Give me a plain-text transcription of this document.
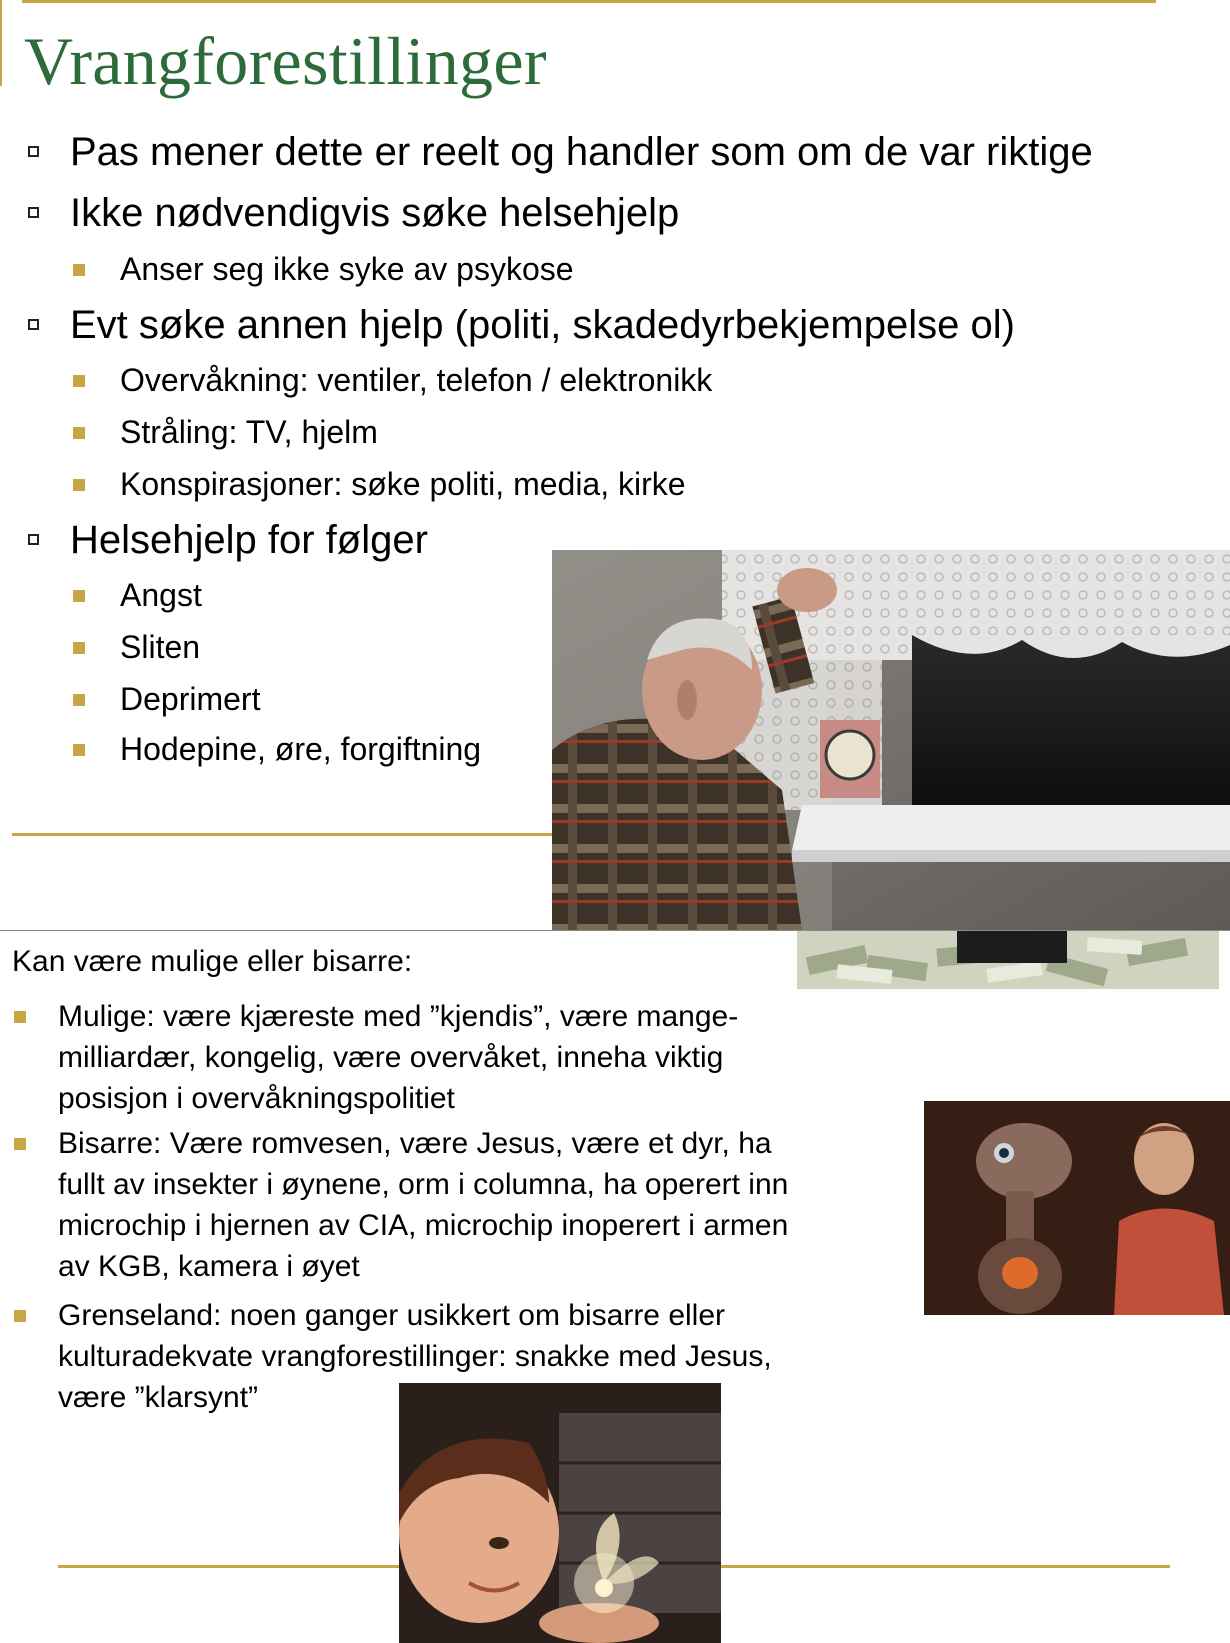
Vrangforestillinger
Pas mener dette er reelt og handler som om de var riktige
Ikke nødvendigvis søke helsehjelp
Anser seg ikke syke av psykose
Evt søke annen hjelp (politi, skadedyrbekjempelse ol)
Overvåkning: ventiler, telefon / elektronikk
Stråling: TV, hjelm
Konspirasjoner: søke politi, media, kirke
Helsehjelp for følger
Angst
Sliten
Deprimert
Hodepine, øre, forgiftning
Kan være mulige eller bisarre:
Mulige: være kjæreste med ”kjendis”, være mange-
milliardær, kongelig, være overvåket, inneha viktig
posisjon i overvåkningspolitiet
Bisarre: Være romvesen, være Jesus, være et dyr, ha
fullt av insekter i øynene, orm i columna, ha operert inn
microchip i hjernen av CIA, microchip inoperert i armen
av KGB, kamera i øyet
Grenseland: noen ganger usikkert om bisarre eller
kulturadekvate vrangforestillinger: snakke med Jesus,
være ”klarsynt”
